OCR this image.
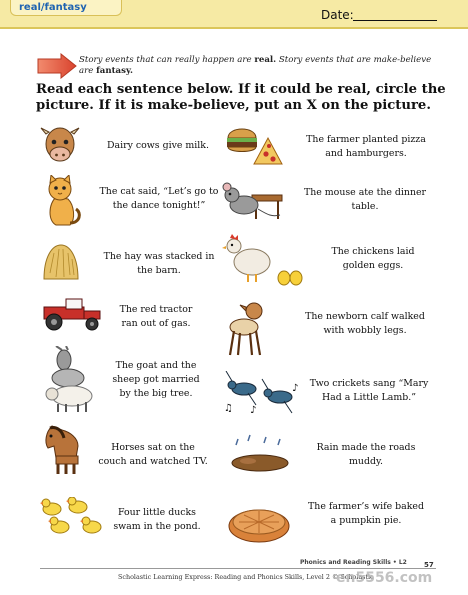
real/fantasy
Date:
Story events that can really happen are real. Story events that are make-believe are fantasy.
Read each sentence below. If it could be real, circle the picture. If it is make-believe, put an X on the picture.
Dairy cows give milk.
The cat said, “Let’s go to the dance tonight!”
The hay was stacked in the barn.
The red tractor ran out of gas.
The goat and the sheep got married by the big tree.
Horses sat on the couch and watched TV.
Four little ducks swam in the pond.
The farmer planted pizza and hamburgers.
The mouse ate the dinner table.
The chickens laid golden eggs.
The newborn calf walked with wobbly legs.
♫ ♪
♪	Two crickets sang “Mary Had a Little Lamb.”
Rain made the roads muddy.
The farmer’s wife baked a pumpkin pie.
Phonics and Reading Skills • L2	57
Scholastic Learning Express: Reading and Phonics Skills, Level 2 © Scholastic
en5556.com
